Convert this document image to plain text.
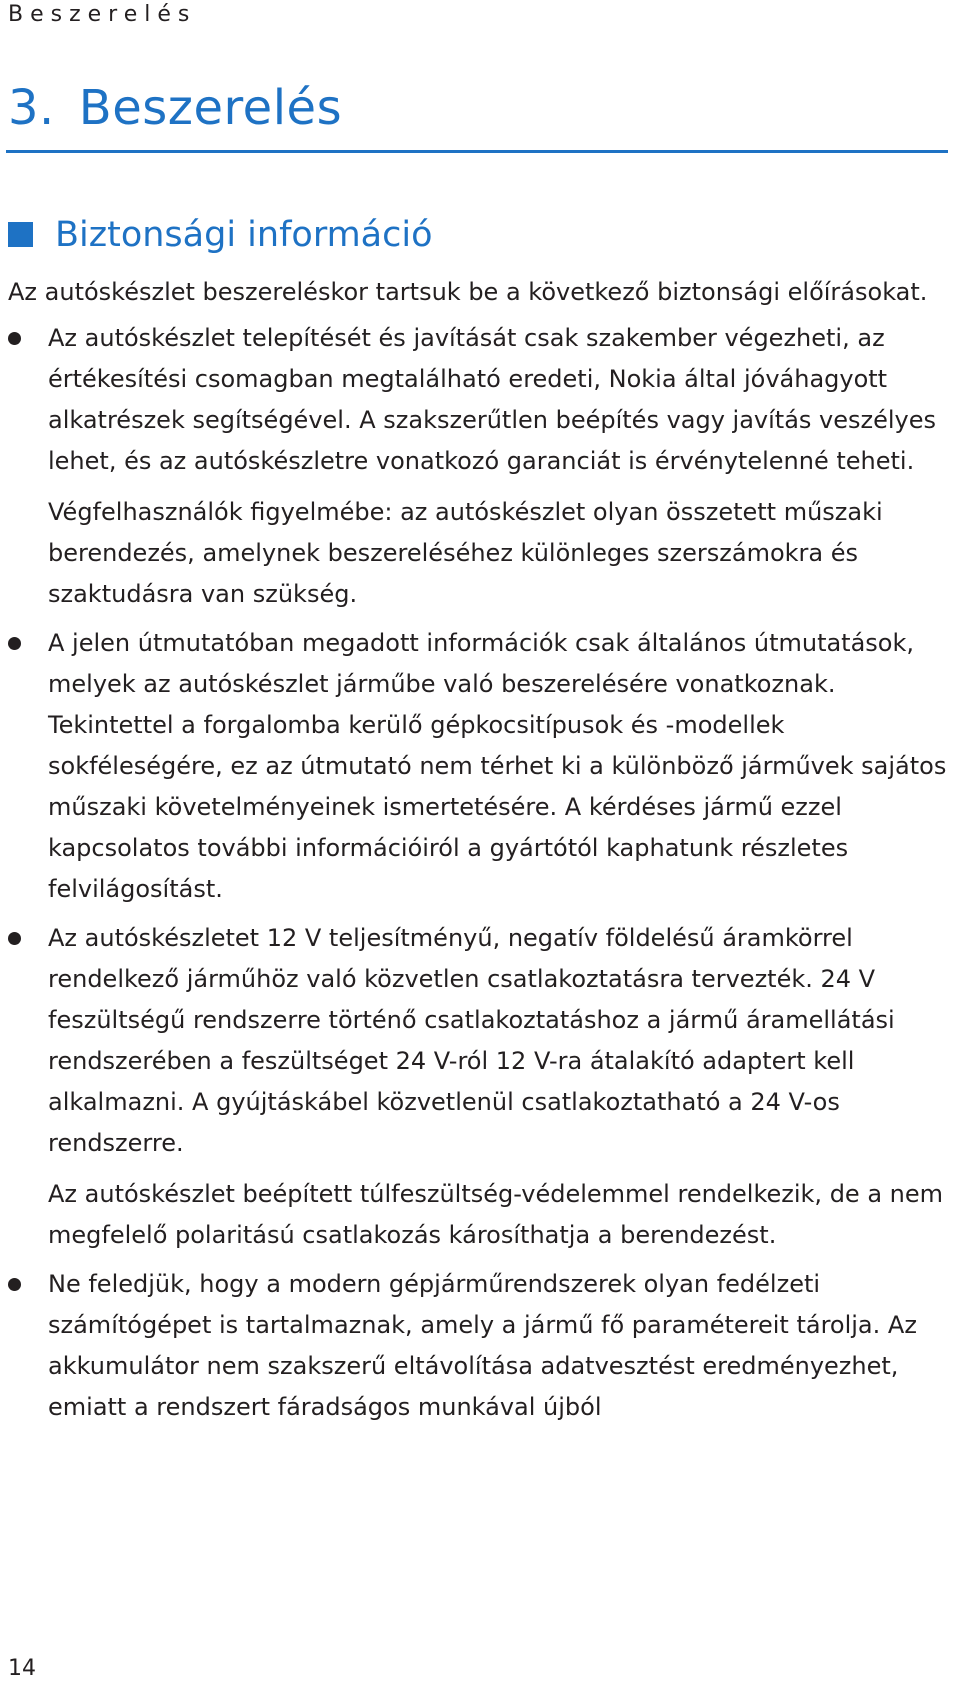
Beszerelés
3. Beszerelés
Biztonsági információ

Az autóskészlet beszereléskor tartsuk be a következő biztonsági előírásokat.

Az autóskészlet telepítését és javítását csak szakember végezheti, az értékesítési csomagban megtalálható eredeti, Nokia által jóváhagyott alkatrészek segítségével. A szakszerűtlen beépítés vagy javítás veszélyes lehet, és az autóskészletre vonatkozó garanciát is érvénytelenné teheti.

Végfelhasználók figyelmébe: az autóskészlet olyan összetett műszaki berendezés, amelynek beszereléséhez különleges szerszámokra és szaktudásra van szükség.

A jelen útmutatóban megadott információk csak általános útmutatások, melyek az autóskészlet járműbe való beszerelésére vonatkoznak. Tekintettel a forgalomba kerülő gépkocsitípusok és -modellek sokféleségére, ez az útmutató nem térhet ki a különböző járművek sajátos műszaki követelményeinek ismertetésére. A kérdéses jármű ezzel kapcsolatos további információiról a gyártótól kaphatunk részletes felvilágosítást.

Az autóskészletet 12 V teljesítményű, negatív földelésű áramkörrel rendelkező járműhöz való közvetlen csatlakoztatásra tervezték. 24 V feszültségű rendszerre történő csatlakoztatáshoz a jármű áramellátási rendszerében a feszültséget 24 V-ról 12 V-ra átalakító adaptert kell alkalmazni. A gyújtáskábel közvetlenül csatlakoztatható a 24 V-os rendszerre.

Az autóskészlet beépített túlfeszültség-védelemmel rendelkezik, de a nem megfelelő polaritású csatlakozás károsíthatja a berendezést.

Ne feledjük, hogy a modern gépjárműrendszerek olyan fedélzeti számítógépet is tartalmaznak, amely a jármű fő paramétereit tárolja. Az akkumulátor nem szakszerű eltávolítása adatvesztést eredményezhet, emiatt a rendszert fáradságos munkával újból

14
